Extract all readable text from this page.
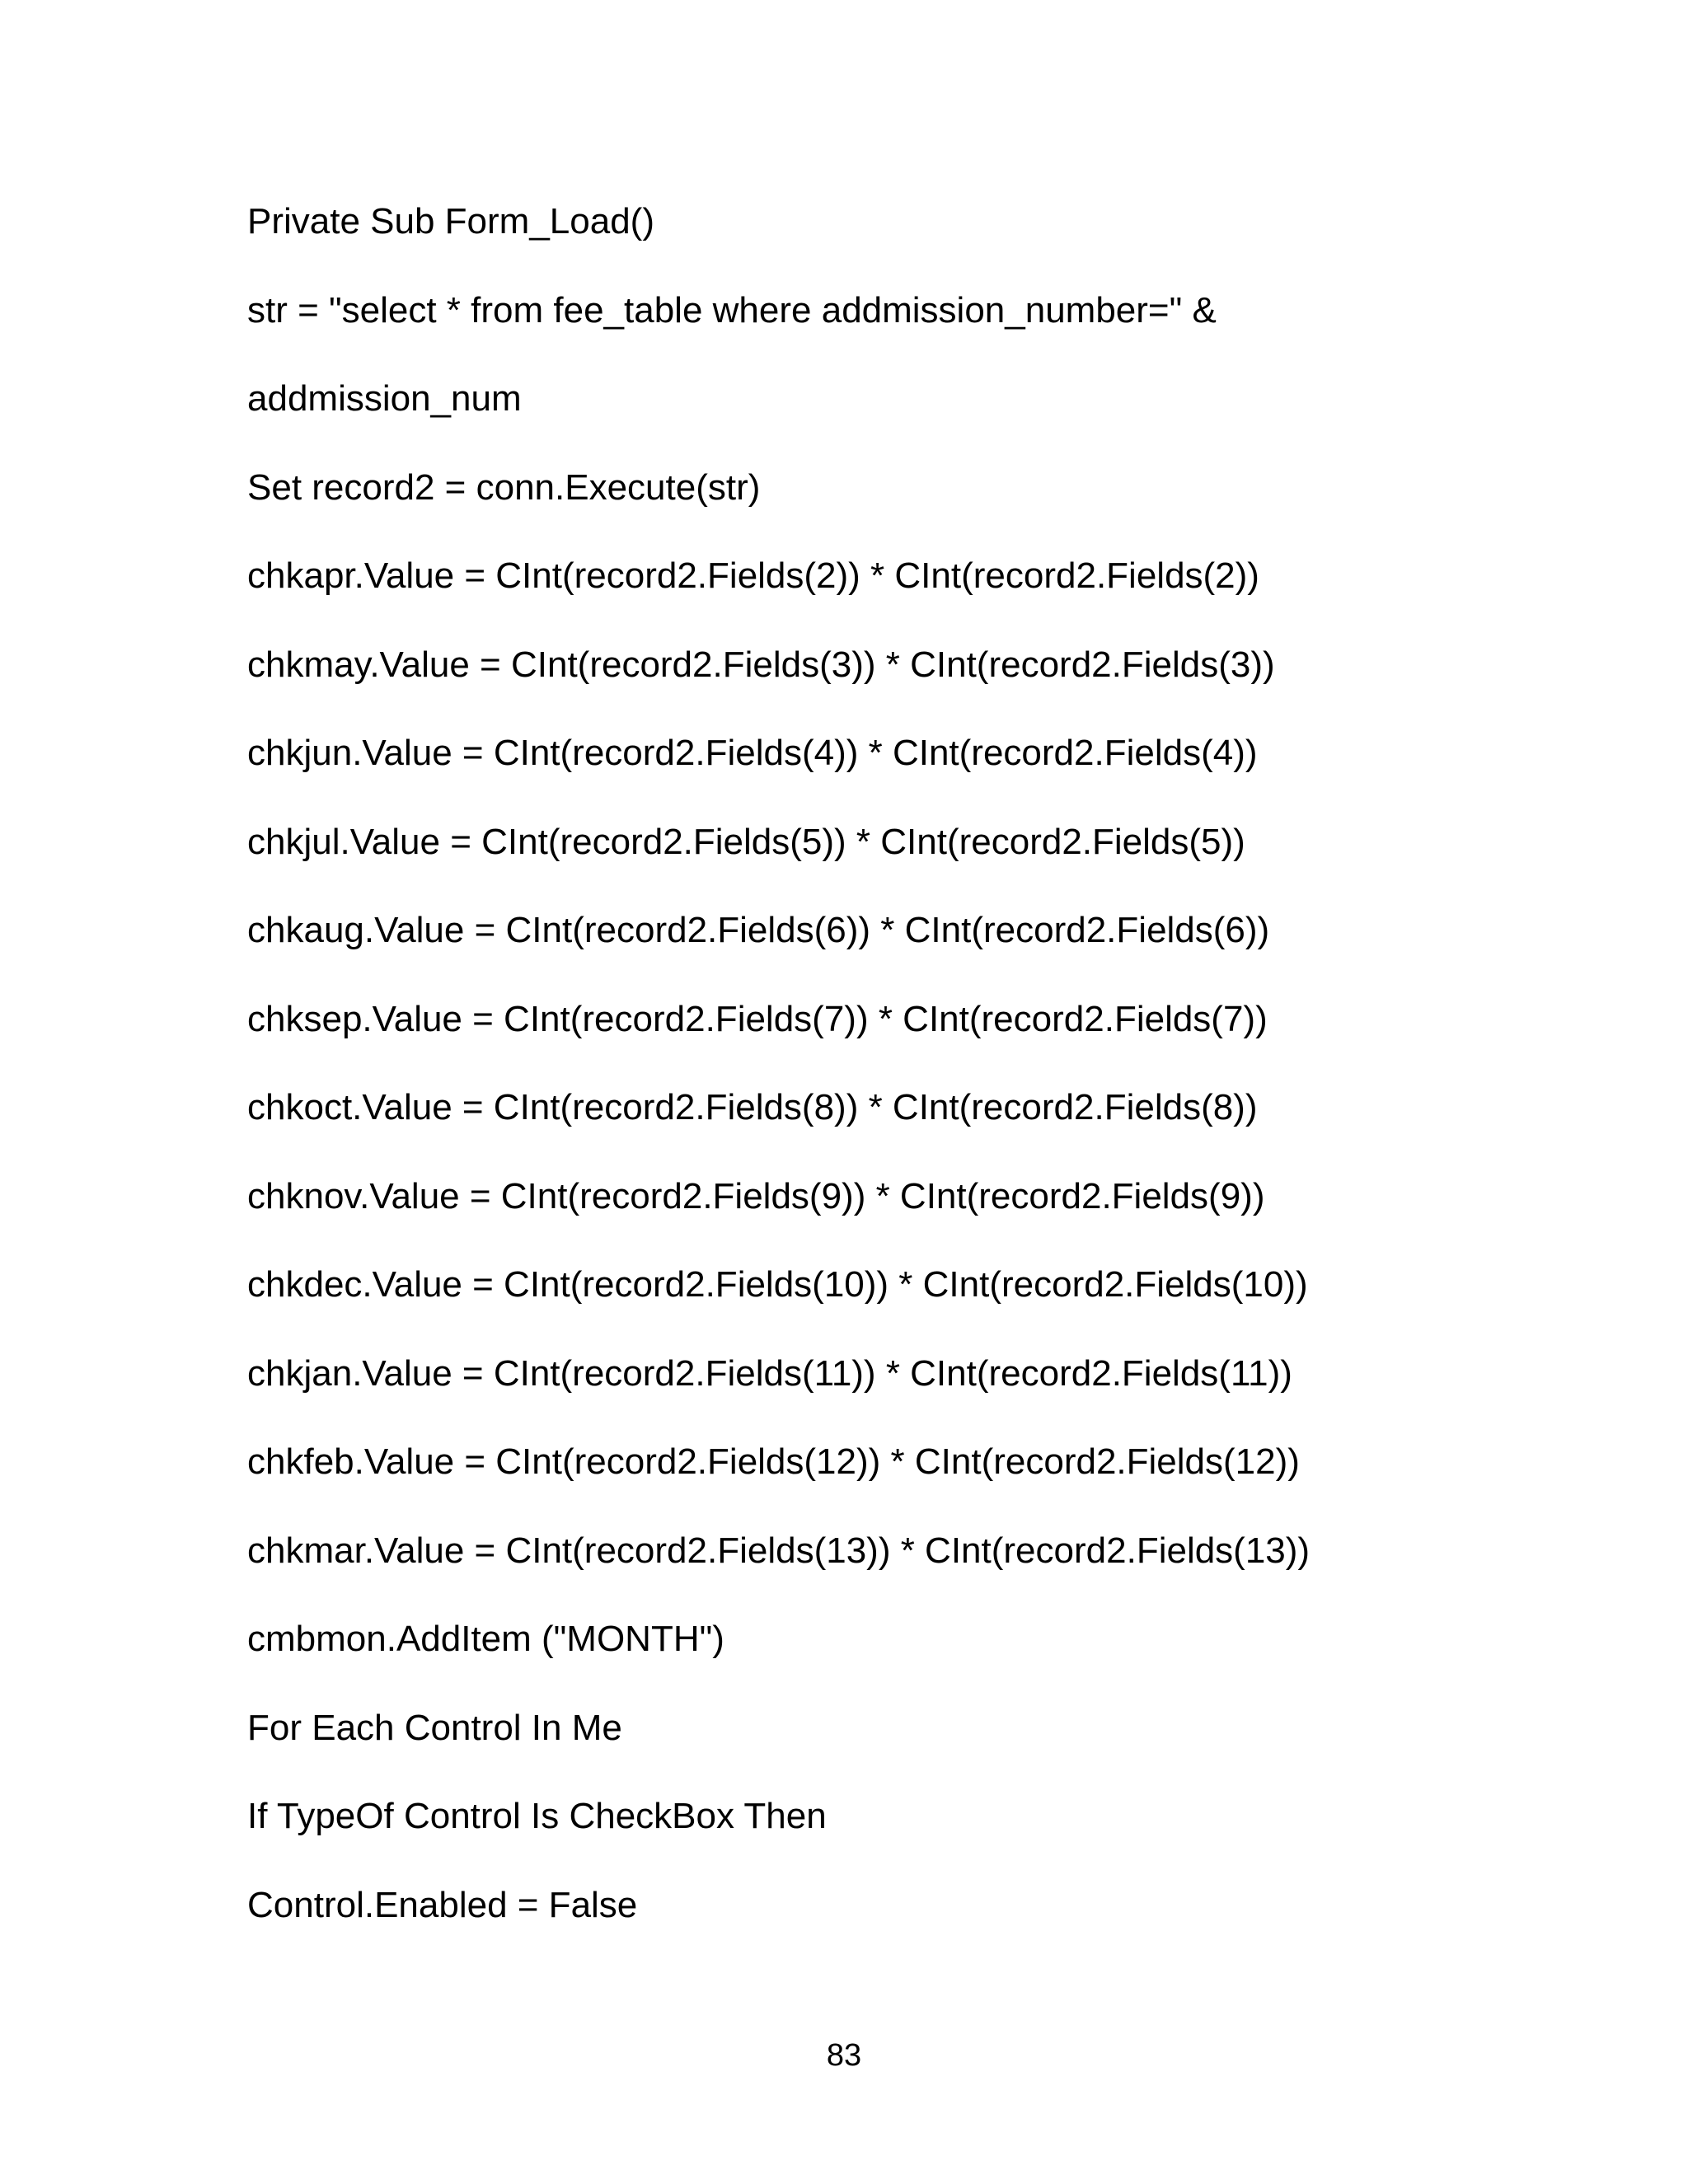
Private Sub Form_Load()
str = "select * from fee_table where addmission_number=" &
addmission_num
Set record2 = conn.Execute(str)
chkapr.Value = CInt(record2.Fields(2)) * CInt(record2.Fields(2))
chkmay.Value = CInt(record2.Fields(3)) * CInt(record2.Fields(3))
chkjun.Value = CInt(record2.Fields(4)) * CInt(record2.Fields(4))
chkjul.Value = CInt(record2.Fields(5)) * CInt(record2.Fields(5))
chkaug.Value = CInt(record2.Fields(6)) * CInt(record2.Fields(6))
chksep.Value = CInt(record2.Fields(7)) * CInt(record2.Fields(7))
chkoct.Value = CInt(record2.Fields(8)) * CInt(record2.Fields(8))
chknov.Value = CInt(record2.Fields(9)) * CInt(record2.Fields(9))
chkdec.Value = CInt(record2.Fields(10)) * CInt(record2.Fields(10))
chkjan.Value = CInt(record2.Fields(11)) * CInt(record2.Fields(11))
chkfeb.Value = CInt(record2.Fields(12)) * CInt(record2.Fields(12))
chkmar.Value = CInt(record2.Fields(13)) * CInt(record2.Fields(13))
cmbmon.AddItem ("MONTH")
For Each Control In Me
If TypeOf Control Is CheckBox Then
Control.Enabled = False
83
